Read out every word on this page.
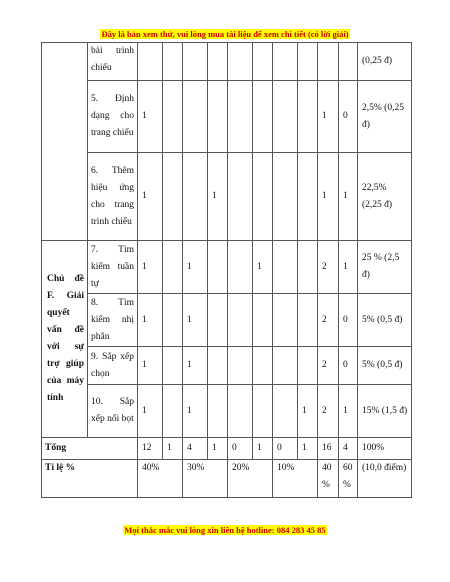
Đây là bản xem thử, vui lòng mua tài liệu để xem chi tiết (có lời giải)
	bài trình chiếu											(0,25 đ)
	5. Định dạng cho trang chiếu	1								1	0	2,5% (0,25 đ)
	6. Thêm hiệu ứng cho trang trình chiếu	1			1					1	1	22,5% (2,25 đ)

Chủ đề F. Giải quyết vấn đề với sự trợ giúp của máy tính	7. Tìm kiếm tuần tự	1		1			1			2	1	25 % (2,5 đ)
	8. Tìm kiếm nhị phân	1		1						2	0	5% (0,5 đ)
	9. Sắp xếp chọn	1		1						2	0	5% (0,5 đ)
	10. Sắp xếp nổi bọt	1		1					1	2	1	15% (1,5 đ)
Tổng		12	1	4	1	0	1	0	1	16	4	100%
Tỉ lệ %		40%		30%		20%		10%		40 %	60 %	(10,0 điểm)
Mọi thắc mắc vui lòng xin liên hệ hotline: 084 283 45 85
